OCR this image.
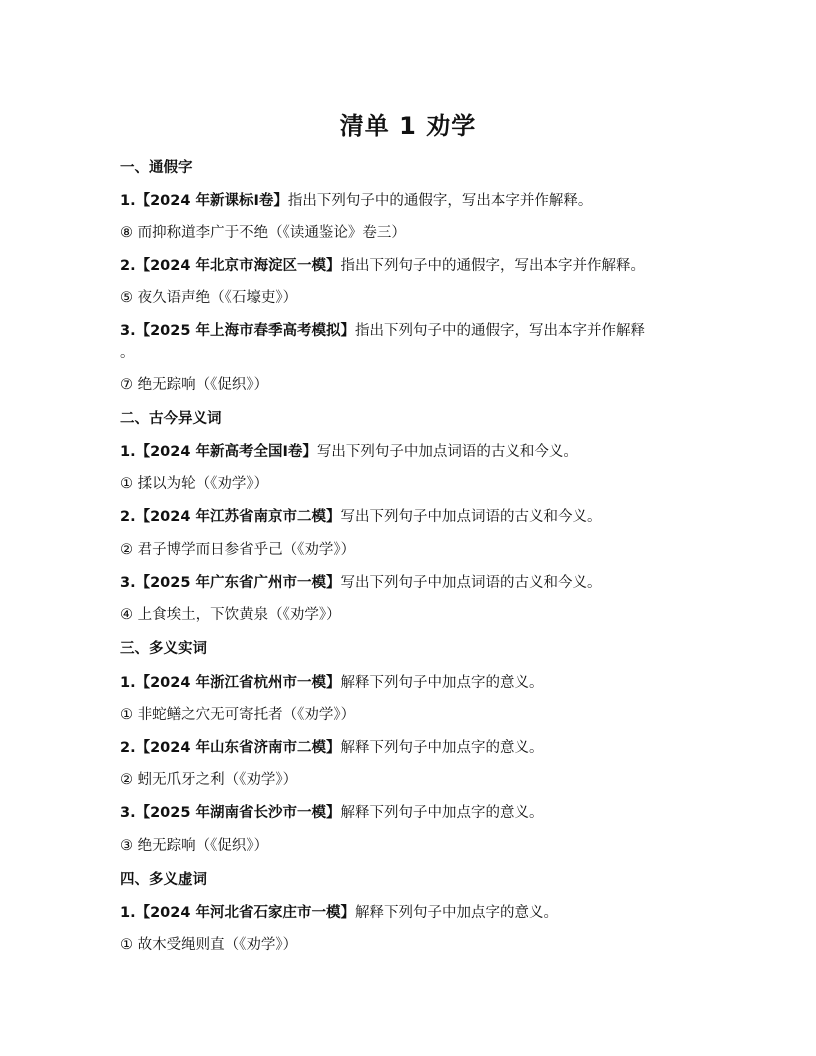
清单 1 劝学
一、通假字
1.【2024 年新课标Ⅰ卷】指出下列句子中的通假字，写出本字并作解释。
⑧ 而抑称道李广于不绝（《读通鉴论》卷三）
2.【2024 年北京市海淀区一模】指出下列句子中的通假字，写出本字并作解释。
⑤ 夜久语声绝（《石壕吏》）
3.【2025 年上海市春季高考模拟】指出下列句子中的通假字，写出本字并作解释
。
⑦ 绝无踪响（《促织》）
二、古今异义词
1.【2024 年新高考全国Ⅰ卷】写出下列句子中加点词语的古义和今义。
① 揉以为轮（《劝学》）
2.【2024 年江苏省南京市二模】写出下列句子中加点词语的古义和今义。
② 君子博学而日参省乎己（《劝学》）
3.【2025 年广东省广州市一模】写出下列句子中加点词语的古义和今义。
④ 上食埃土，下饮黄泉（《劝学》）
三、多义实词
1.【2024 年浙江省杭州市一模】解释下列句子中加点字的意义。
① 非蛇鳝之穴无可寄托者（《劝学》）
2.【2024 年山东省济南市二模】解释下列句子中加点字的意义。
② 蚓无爪牙之利（《劝学》）
3.【2025 年湖南省长沙市一模】解释下列句子中加点字的意义。
③ 绝无踪响（《促织》）
四、多义虚词
1.【2024 年河北省石家庄市一模】解释下列句子中加点字的意义。
① 故木受绳则直（《劝学》）
